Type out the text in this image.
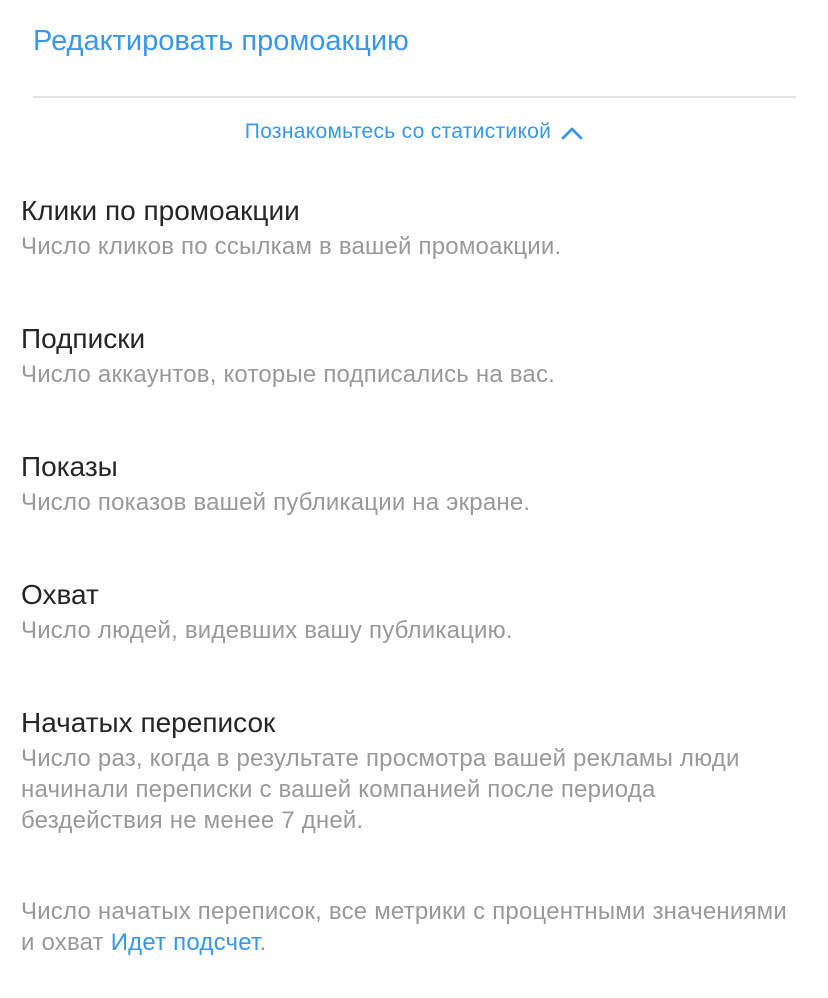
Редактировать промоакцию
Познакомьтесь со статистикой
Клики по промоакции
Число кликов по ссылкам в вашей промоакции.
Подписки
Число аккаунтов, которые подписались на вас.
Показы
Число показов вашей публикации на экране.
Охват
Число людей, видевших вашу публикацию.
Начатых переписок
Число раз, когда в результате просмотра вашей рекламы люди начинали переписки с вашей компанией после периода бездействия не менее 7 дней.
Число начатых переписок, все метрики с процентными значениями и охват Идет подсчет.
